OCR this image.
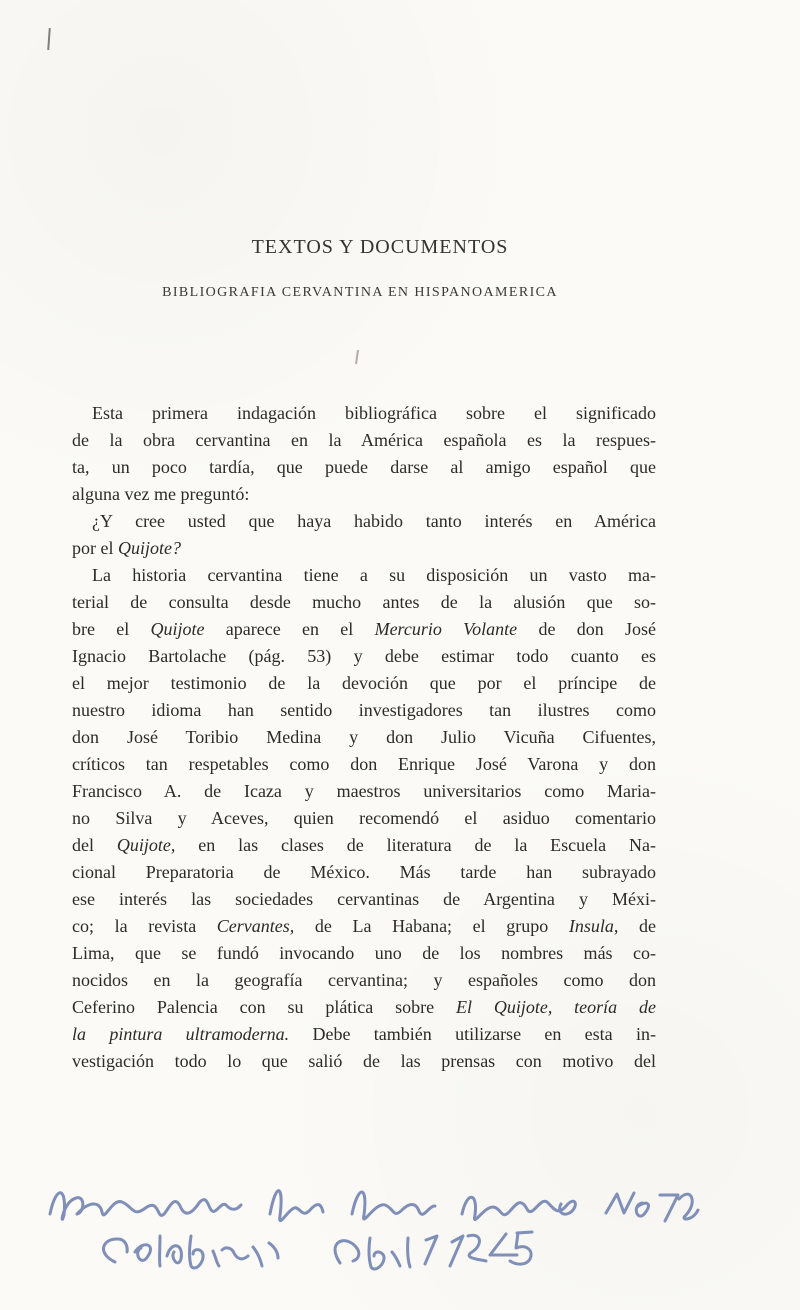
TEXTOS Y DOCUMENTOS
BIBLIOGRAFIA CERVANTINA EN HISPANOAMERICA
Esta primera indagación bibliográfica sobre el significado
de la obra cervantina en la América española es la respues-
ta, un poco tardía, que puede darse al amigo español que
alguna vez me preguntó:
¿Y cree usted que haya habido tanto interés en América
por el Quijote?
La historia cervantina tiene a su disposición un vasto ma-
terial de consulta desde mucho antes de la alusión que so-
bre el Quijote aparece en el Mercurio Volante de don José
Ignacio Bartolache (pág. 53) y debe estimar todo cuanto es
el mejor testimonio de la devoción que por el príncipe de
nuestro idioma han sentido investigadores tan ilustres como
don José Toribio Medina y don Julio Vicuña Cifuentes,
críticos tan respetables como don Enrique José Varona y don
Francisco A. de Icaza y maestros universitarios como Maria-
no Silva y Aceves, quien recomendó el asiduo comentario
del Quijote, en las clases de literatura de la Escuela Na-
cional Preparatoria de México. Más tarde han subrayado
ese interés las sociedades cervantinas de Argentina y Méxi-
co; la revista Cervantes, de La Habana; el grupo Insula, de
Lima, que se fundó invocando uno de los nombres más co-
nocidos en la geografía cervantina; y españoles como don
Ceferino Palencia con su plática sobre El Quijote, teoría de
la pintura ultramoderna. Debe también utilizarse en esta in-
vestigación todo lo que salió de las prensas con motivo del
